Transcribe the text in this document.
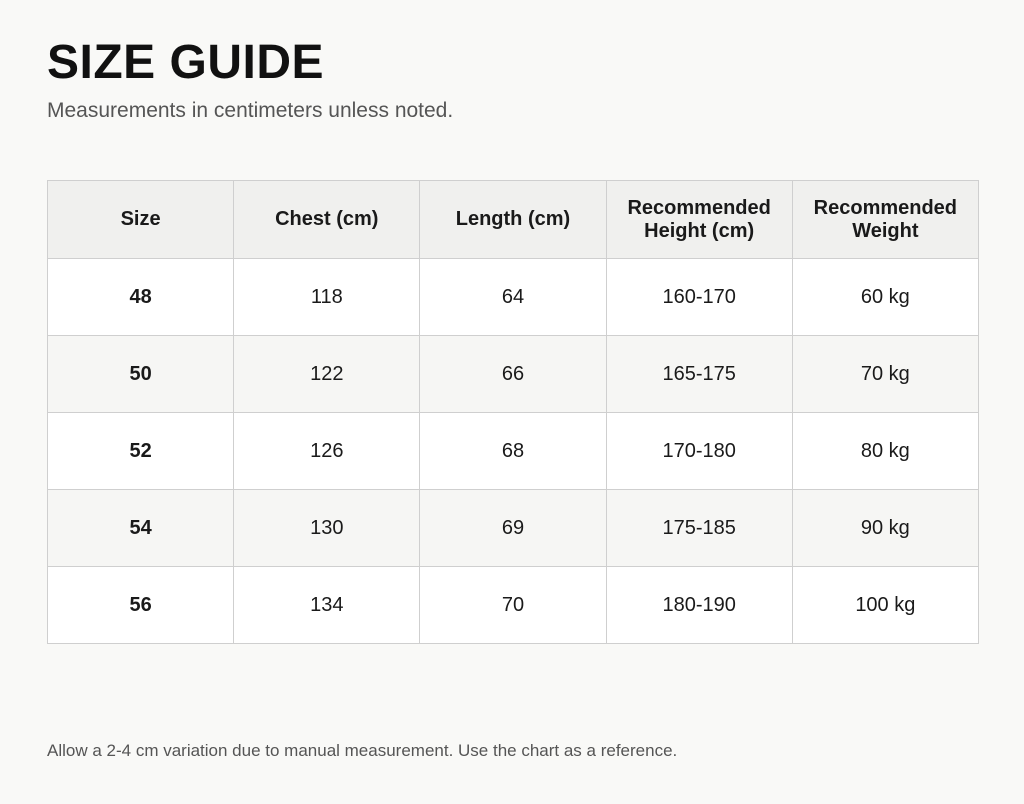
SIZE GUIDE

Measurements in centimeters unless noted.

Size	Chest (cm)	Length (cm)	Recommended Height (cm)	Recommended Weight
48	118	64	160-170	60 kg
50	122	66	165-175	70 kg
52	126	68	170-180	80 kg
54	130	69	175-185	90 kg
56	134	70	180-190	100 kg

Allow a 2-4 cm variation due to manual measurement. Use the chart as a reference.
